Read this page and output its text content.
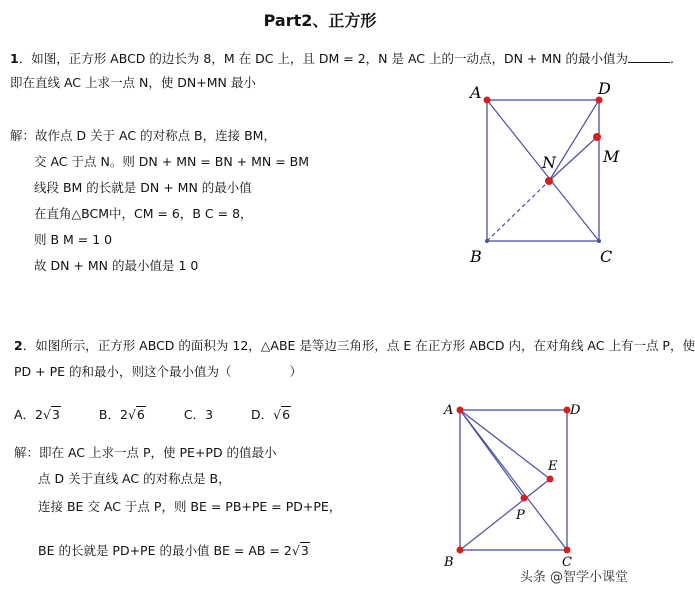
Part2、正方形
1．如图，正方形 ABCD 的边长为 8，M 在 DC 上，且 DM = 2，N 是 AC 上的一动点，DN + MN 的最小值为	．
即在直线 AC 上求一点 N，使 DN+MN 最小
解：故作点 D 关于 AC 的对称点 B，连接 BM，
交 AC 于点 N。则 DN + MN = BN + MN = BM
线段 BM 的长就是 DN + MN 的最小值
在直角△BCM中，CM = 6，B C = 8，
则 B M = 1 0
故 DN + MN 的最小值是 1 0
A	D
M
N
B	C
2．如图所示，正方形 ABCD 的面积为 12，△ABE 是等边三角形，点 E 在正方形 ABCD 内，在对角线 AC 上有一点 P，使
PD + PE 的和最小，则这个最小值为（	）
A．2√3	B．2√6	C．3	D．√6
解：即在 AC 上求一点 P，使 PE+PD 的值最小
点 D 关于直线 AC 的对称点是 B，
连接 BE 交 AC 于点 P，则 BE = PB+PE = PD+PE，
BE 的长就是 PD+PE 的最小值 BE = AB = 2√3
A	D
E
P
B	C
头条 @智学小课堂
